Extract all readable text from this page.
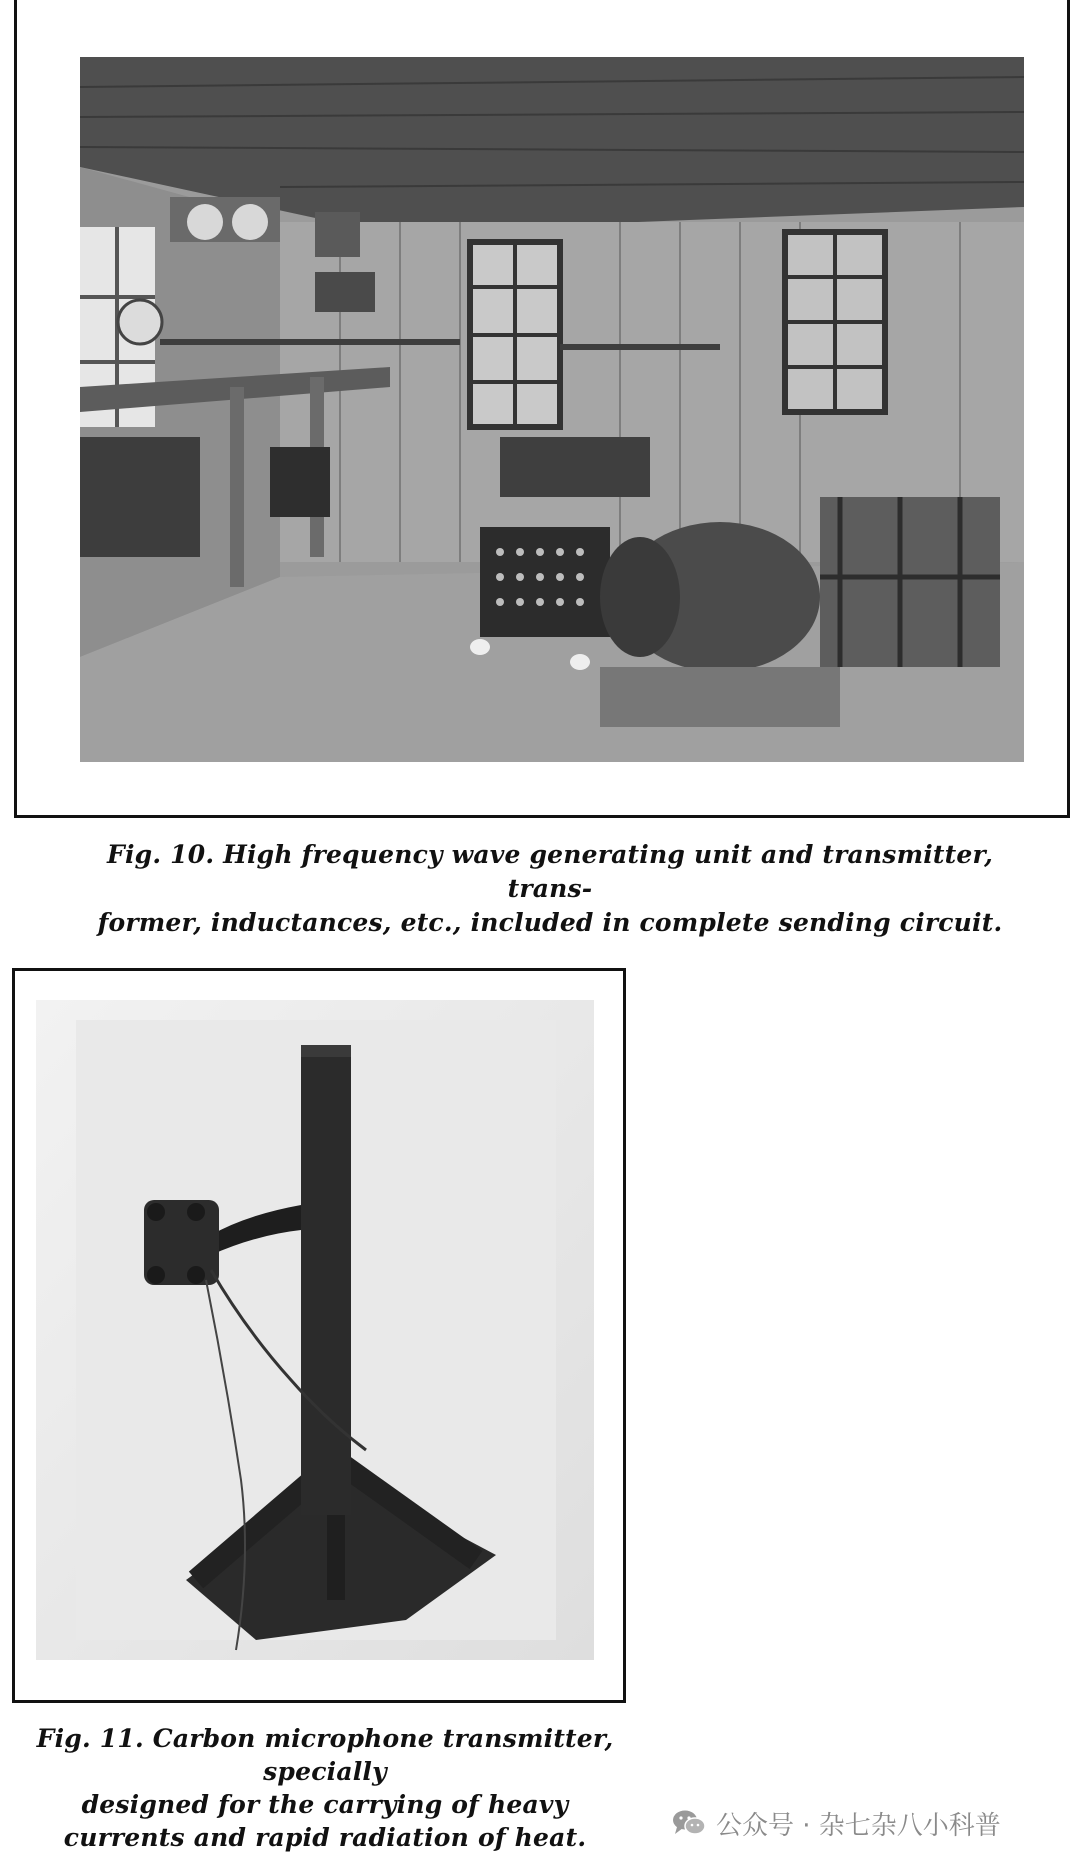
Fig. 10. High frequency wave generating unit and transmitter, trans-
former, inductances, etc., included in complete sending circuit.
Fig. 11. Carbon microphone transmitter, specially
designed for the carrying of heavy
currents and rapid radiation of heat.	公众号 · 杂七杂八小科普
